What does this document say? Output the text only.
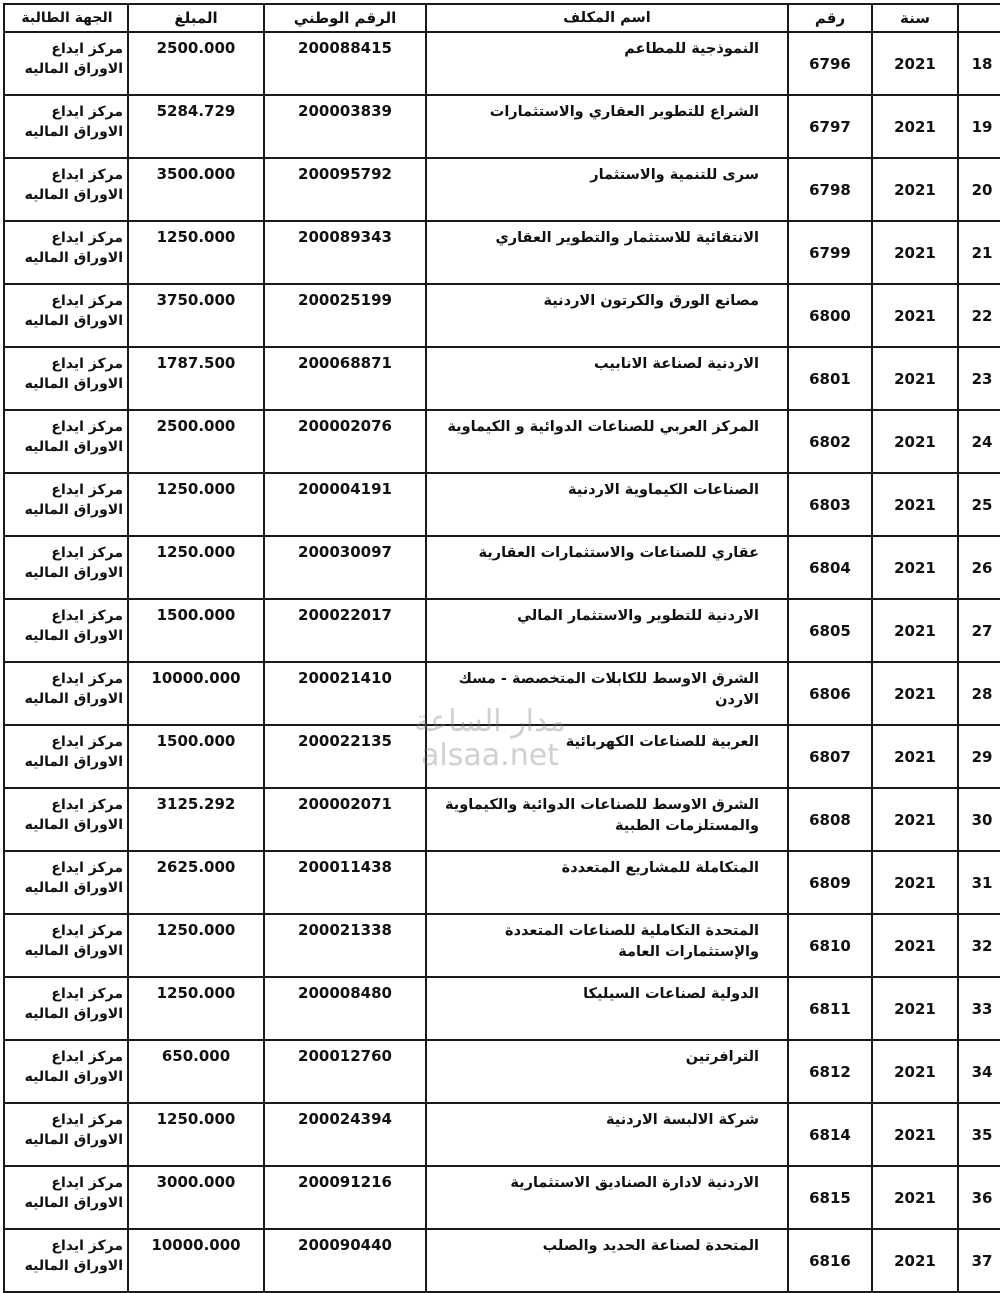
	سنة	رقم	اسم المكلف	الرقم الوطني	المبلغ	الجهة الطالبة
18	2021	6796	النموذجية للمطاعم	200088415	2500.000	مركز ايداع الاوراق الماليه
19	2021	6797	الشراع للتطوير العقاري والاستثمارات	200003839	5284.729	مركز ايداع الاوراق الماليه
20	2021	6798	سرى للتنمية والاستثمار	200095792	3500.000	مركز ايداع الاوراق الماليه
21	2021	6799	الانتقائية للاستثمار والتطوير العقاري	200089343	1250.000	مركز ايداع الاوراق الماليه
22	2021	6800	مصانع الورق والكرتون الاردنية	200025199	3750.000	مركز ايداع الاوراق الماليه
23	2021	6801	الاردنية لصناعة الانابيب	200068871	1787.500	مركز ايداع الاوراق الماليه
24	2021	6802	المركز العربي للصناعات الدوائية و الكيماوية	200002076	2500.000	مركز ايداع الاوراق الماليه
25	2021	6803	الصناعات الكيماوية الاردنية	200004191	1250.000	مركز ايداع الاوراق الماليه
26	2021	6804	عقاري للصناعات والاستثمارات العقارية	200030097	1250.000	مركز ايداع الاوراق الماليه
27	2021	6805	الاردنية للتطوير والاستثمار المالي	200022017	1500.000	مركز ايداع الاوراق الماليه
28	2021	6806	الشرق الاوسط للكابلات المتخصصة - مسك الاردن	200021410	10000.000	مركز ايداع الاوراق الماليه
29	2021	6807	العربية للصناعات الكهربائية	200022135	1500.000	مركز ايداع الاوراق الماليه
30	2021	6808	الشرق الاوسط للصناعات الدوائية والكيماوية والمستلزمات الطبية	200002071	3125.292	مركز ايداع الاوراق الماليه
31	2021	6809	المتكاملة للمشاريع المتعددة	200011438	2625.000	مركز ايداع الاوراق الماليه
32	2021	6810	المتحدة التكاملية للصناعات المتعددة والإستثمارات العامة	200021338	1250.000	مركز ايداع الاوراق الماليه
33	2021	6811	الدولية لصناعات السيليكا	200008480	1250.000	مركز ايداع الاوراق الماليه
34	2021	6812	الترافرتين	200012760	650.000	مركز ايداع الاوراق الماليه
35	2021	6814	شركة الالبسة الاردنية	200024394	1250.000	مركز ايداع الاوراق الماليه
36	2021	6815	الاردنية لادارة الصناديق الاستثمارية	200091216	3000.000	مركز ايداع الاوراق الماليه
37	2021	6816	المتحدة لصناعة الحديد والصلب	200090440	10000.000	مركز ايداع الاوراق الماليه
مدار الساعة
alsaa.net
